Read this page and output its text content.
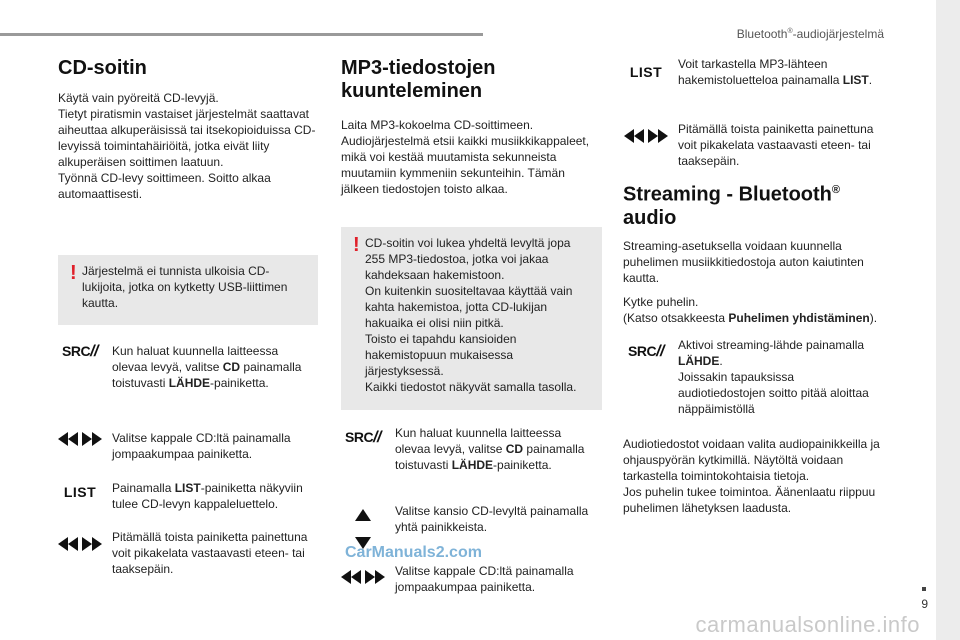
Bluetooth®-audiojärjestelmä
CD-soitin

Käytä vain pyöreitä CD-levyjä.
Tietyt piratismin vastaiset järjestelmät saattavat aiheuttaa alkuperäisissä tai itsekopioiduissa CD-levyissä toimintahäiriöitä, jotka eivät liity alkuperäisen soittimen laatuun.
Työnnä CD-levy soittimeen. Soitto alkaa automaattisesti.

! Järjestelmä ei tunnista ulkoisia CD-lukijoita, jotka on kytketty USB-liittimen kautta.

SRC//	Kun haluat kuunnella laitteessa olevaa levyä, valitse CD painamalla toistuvasti LÄHDE-painiketta.

Valitse kappale CD:ltä painamalla jompaakumpaa painiketta.

LIST	Painamalla LIST-painiketta näkyviin tulee CD-levyn kappaleluettelo.

Pitämällä toista painiketta painettuna voit pikakelata vastaavasti eteen- tai taaksepäin.

MP3-tiedostojen
kuunteleminen

Laita MP3-kokoelma CD-soittimeen.
Audiojärjestelmä etsii kaikki musiikkikappaleet, mikä voi kestää muutamista sekunneista muutamiin kymmeniin sekunteihin. Tämän jälkeen tiedostojen toisto alkaa.

! CD-soitin voi lukea yhdeltä levyltä jopa 255 MP3-tiedostoa, jotka voi jakaa kahdeksaan hakemistoon.
On kuitenkin suositeltavaa käyttää vain kahta hakemistoa, jotta CD-lukijan hakuaika ei olisi niin pitkä.
Toisto ei tapahdu kansioiden hakemistopuun mukaisessa järjestyksessä.
Kaikki tiedostot näkyvät samalla tasolla.

SRC//	Kun haluat kuunnella laitteessa olevaa levyä, valitse CD painamalla toistuvasti LÄHDE-painiketta.

Valitse kansio CD-levyltä painamalla yhtä painikkeista.

CarManuals2.com

Valitse kappale CD:ltä painamalla jompaakumpaa painiketta.

LIST	Voit tarkastella MP3-lähteen hakemistoluetteloa painamalla LIST.

Pitämällä toista painiketta painettuna voit pikakelata vastaavasti eteen- tai taaksepäin.

Streaming - Bluetooth®
audio

Streaming-asetuksella voidaan kuunnella puhelimen musiikkitiedostoja auton kaiutinten kautta.

Kytke puhelin.
(Katso otsakkeesta Puhelimen yhdistäminen).

SRC//	Aktivoi streaming-lähde painamalla LÄHDE.
Joissakin tapauksissa audiotiedostojen soitto pitää aloittaa näppäimistöllä

Audiotiedostot voidaan valita audiopainikkeilla ja ohjauspyörän kytkimillä. Näytöltä voidaan tarkastella toimintokohtaisia tietoja.
Jos puhelin tukee toimintoa. Äänenlaatu riippuu puhelimen lähetyksen laadusta.

9
carmanualsonline.info
